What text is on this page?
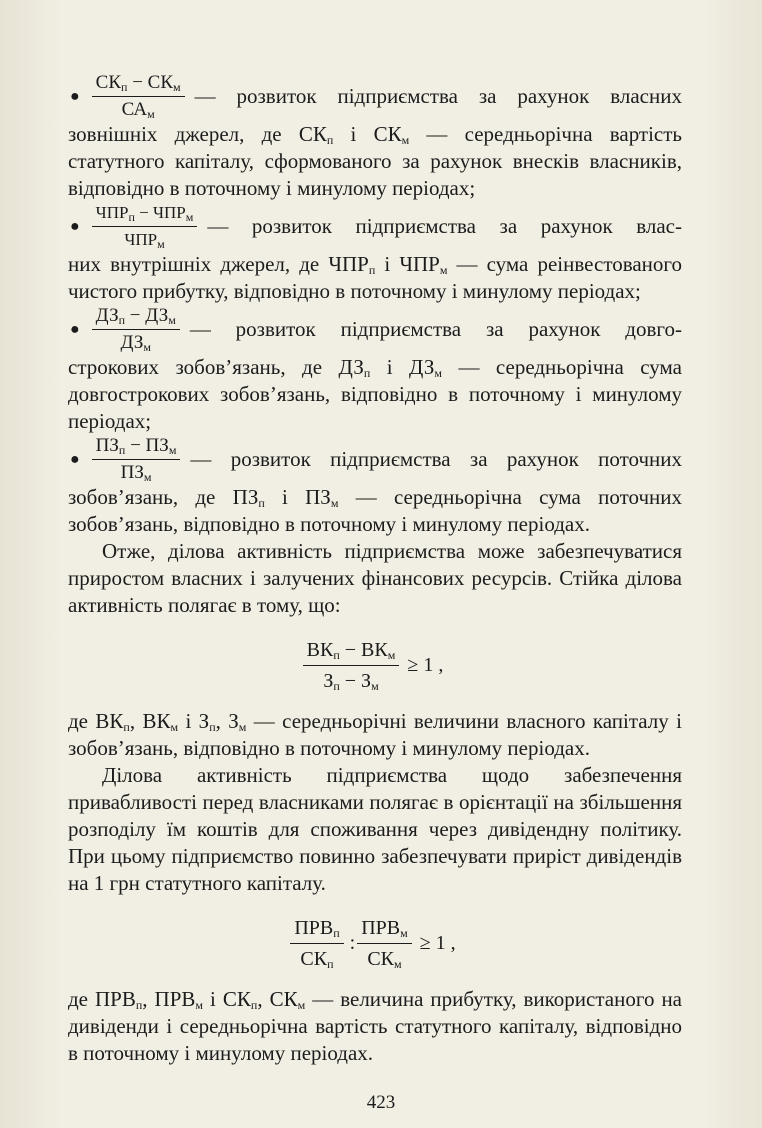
● $\frac{СК_п - СК_м}{СА_м}$ — розвиток підприємства за рахунок власних

зовнішніх джерел, де $СК_п$ і $СК_м$ — середньорічна вартість статутного капіталу, сформованого за рахунок внесків власників, відповідно в поточному і минулому періодах;

● $\frac{ЧПР_п - ЧПР_м}{ЧПР_м}$ — розвиток підприємства за рахунок влас-

них внутрішніх джерел, де $ЧПР_п$ і $ЧПР_м$ — сума реінвестованого чистого прибутку, відповідно в поточному і минулому періодах;

● $\frac{ДЗ_п - ДЗ_м}{ДЗ_м}$ — розвиток підприємства за рахунок довго-

строкових зобов’язань, де $ДЗ_п$ і $ДЗ_м$ — середньорічна сума довгострокових зобов’язань, відповідно в поточному і минулому періодах;

● $\frac{ПЗ_п - ПЗ_м}{ПЗ_м}$ — розвиток підприємства за рахунок поточних

зобов’язань, де $ПЗ_п$ і $ПЗ_м$ — середньорічна сума поточних зобов’язань, відповідно в поточному і минулому періодах.

Отже, ділова активність підприємства може забезпечуватися приростом власних і залучених фінансових ресурсів. Стійка ділова активність полягає в тому, що:

$\frac{ВК_п - ВК_м}{З_п - З_м} \ge 1$ ,

де $ВК_п$, $ВК_м$ і $З_п$, $З_м$ — середньорічні величини власного капіталу і зобов’язань, відповідно в поточному і минулому періодах.

Ділова активність підприємства щодо забезпечення привабливості перед власниками полягає в орієнтації на збільшення розподілу їм коштів для споживання через дивідендну політику. При цьому підприємство повинно забезпечувати приріст дивідендів на 1 грн статутного капіталу.

$\frac{ПРВ_п}{СК_п}$ : $\frac{ПРВ_м}{СК_м} \ge 1$ ,

де $ПРВ_п$, $ПРВ_м$ і $СК_п$, $СК_м$ — величина прибутку, використаного на дивіденди і середньорічна вартість статутного капіталу, відповідно в поточному і минулому періодах.

423
